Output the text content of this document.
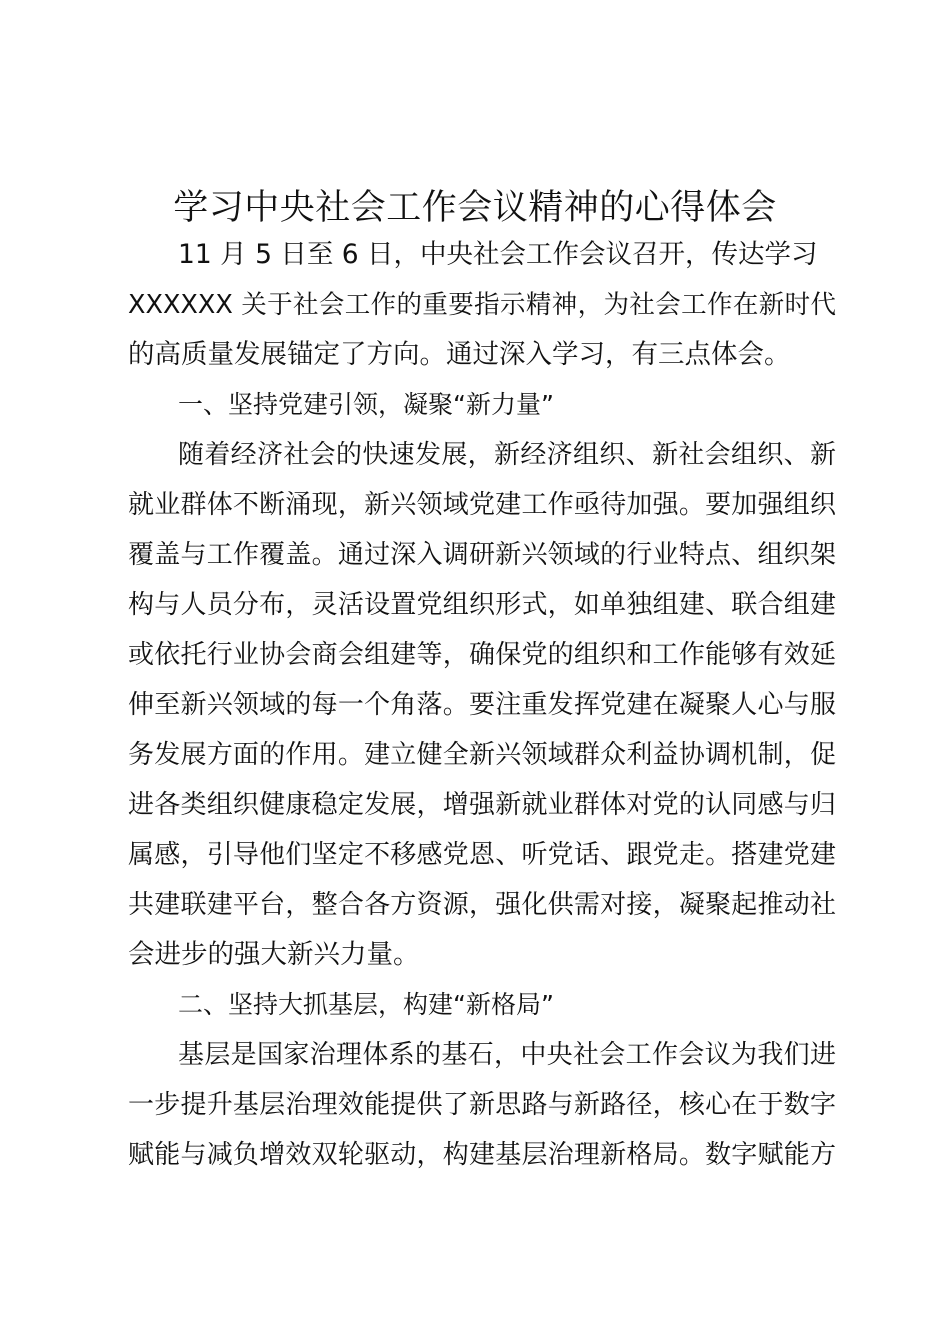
学习中央社会工作会议精神的心得体会
11 月 5 日至 6 日，中央社会工作会议召开，传达学习
XXXXXX 关于社会工作的重要指示精神，为社会工作在新时代
的高质量发展锚定了方向。通过深入学习，有三点体会。
一、坚持党建引领，凝聚“新力量”
随着经济社会的快速发展，新经济组织、新社会组织、新
就业群体不断涌现，新兴领域党建工作亟待加强。要加强组织
覆盖与工作覆盖。通过深入调研新兴领域的行业特点、组织架
构与人员分布，灵活设置党组织形式，如单独组建、联合组建
或依托行业协会商会组建等，确保党的组织和工作能够有效延
伸至新兴领域的每一个角落。要注重发挥党建在凝聚人心与服
务发展方面的作用。建立健全新兴领域群众利益协调机制，促
进各类组织健康稳定发展，增强新就业群体对党的认同感与归
属感，引导他们坚定不移感党恩、听党话、跟党走。搭建党建
共建联建平台，整合各方资源，强化供需对接，凝聚起推动社
会进步的强大新兴力量。
二、坚持大抓基层，构建“新格局”
基层是国家治理体系的基石，中央社会工作会议为我们进
一步提升基层治理效能提供了新思路与新路径，核心在于数字
赋能与减负增效双轮驱动，构建基层治理新格局。数字赋能方
